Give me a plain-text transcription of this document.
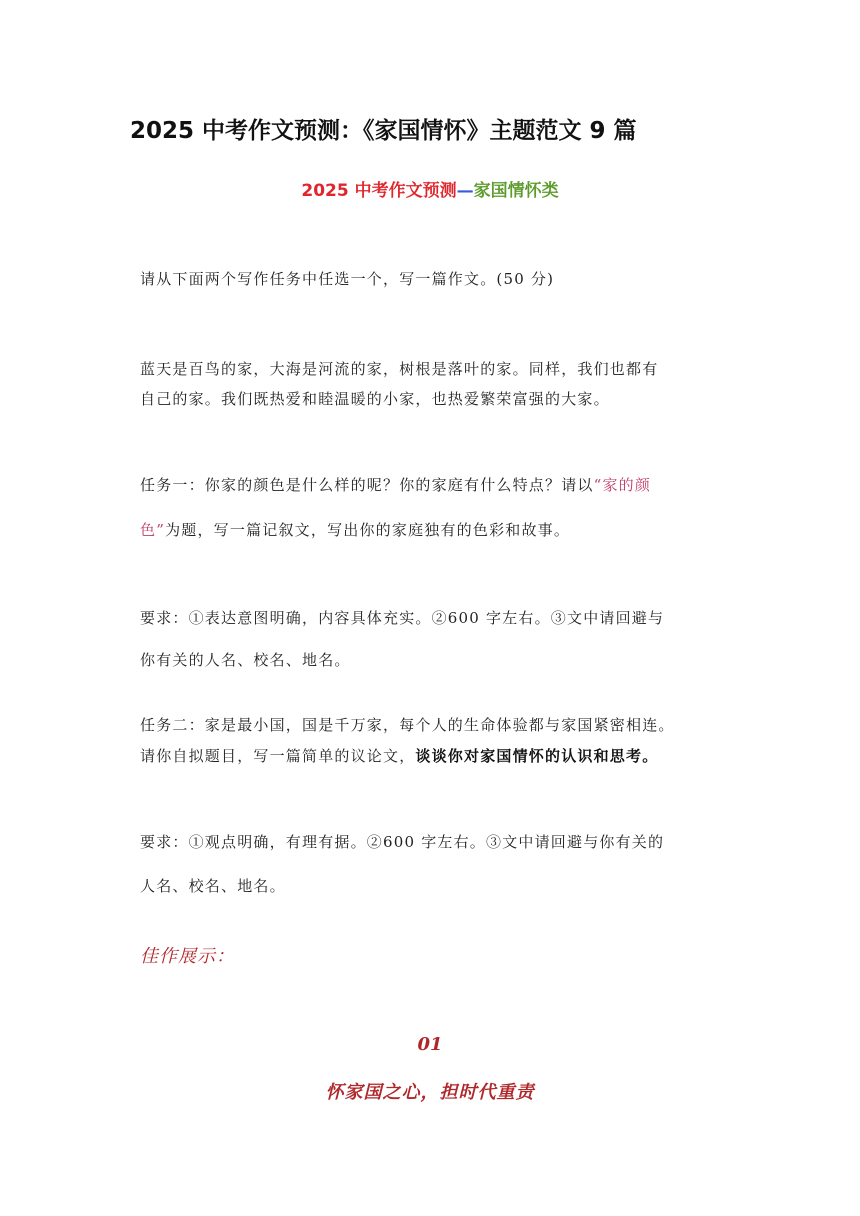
2025 中考作文预测：《家国情怀》主题范文 9 篇
2025 中考作文预测—家国情怀类
请从下面两个写作任务中任选一个，写一篇作文。(50 分)
蓝天是百鸟的家，大海是河流的家，树根是落叶的家。同样，我们也都有
自己的家。我们既热爱和睦温暖的小家，也热爱繁荣富强的大家。
任务一：你家的颜色是什么样的呢？你的家庭有什么特点？请以“家的颜
色”为题，写一篇记叙文，写出你的家庭独有的色彩和故事。
要求：①表达意图明确，内容具体充实。②600 字左右。③文中请回避与
你有关的人名、校名、地名。
任务二：家是最小国，国是千万家，每个人的生命体验都与家国紧密相连。
请你自拟题目，写一篇简单的议论文，谈谈你对家国情怀的认识和思考。
要求：①观点明确，有理有据。②600 字左右。③文中请回避与你有关的
人名、校名、地名。
佳作展示：
01
怀家国之心，担时代重责
